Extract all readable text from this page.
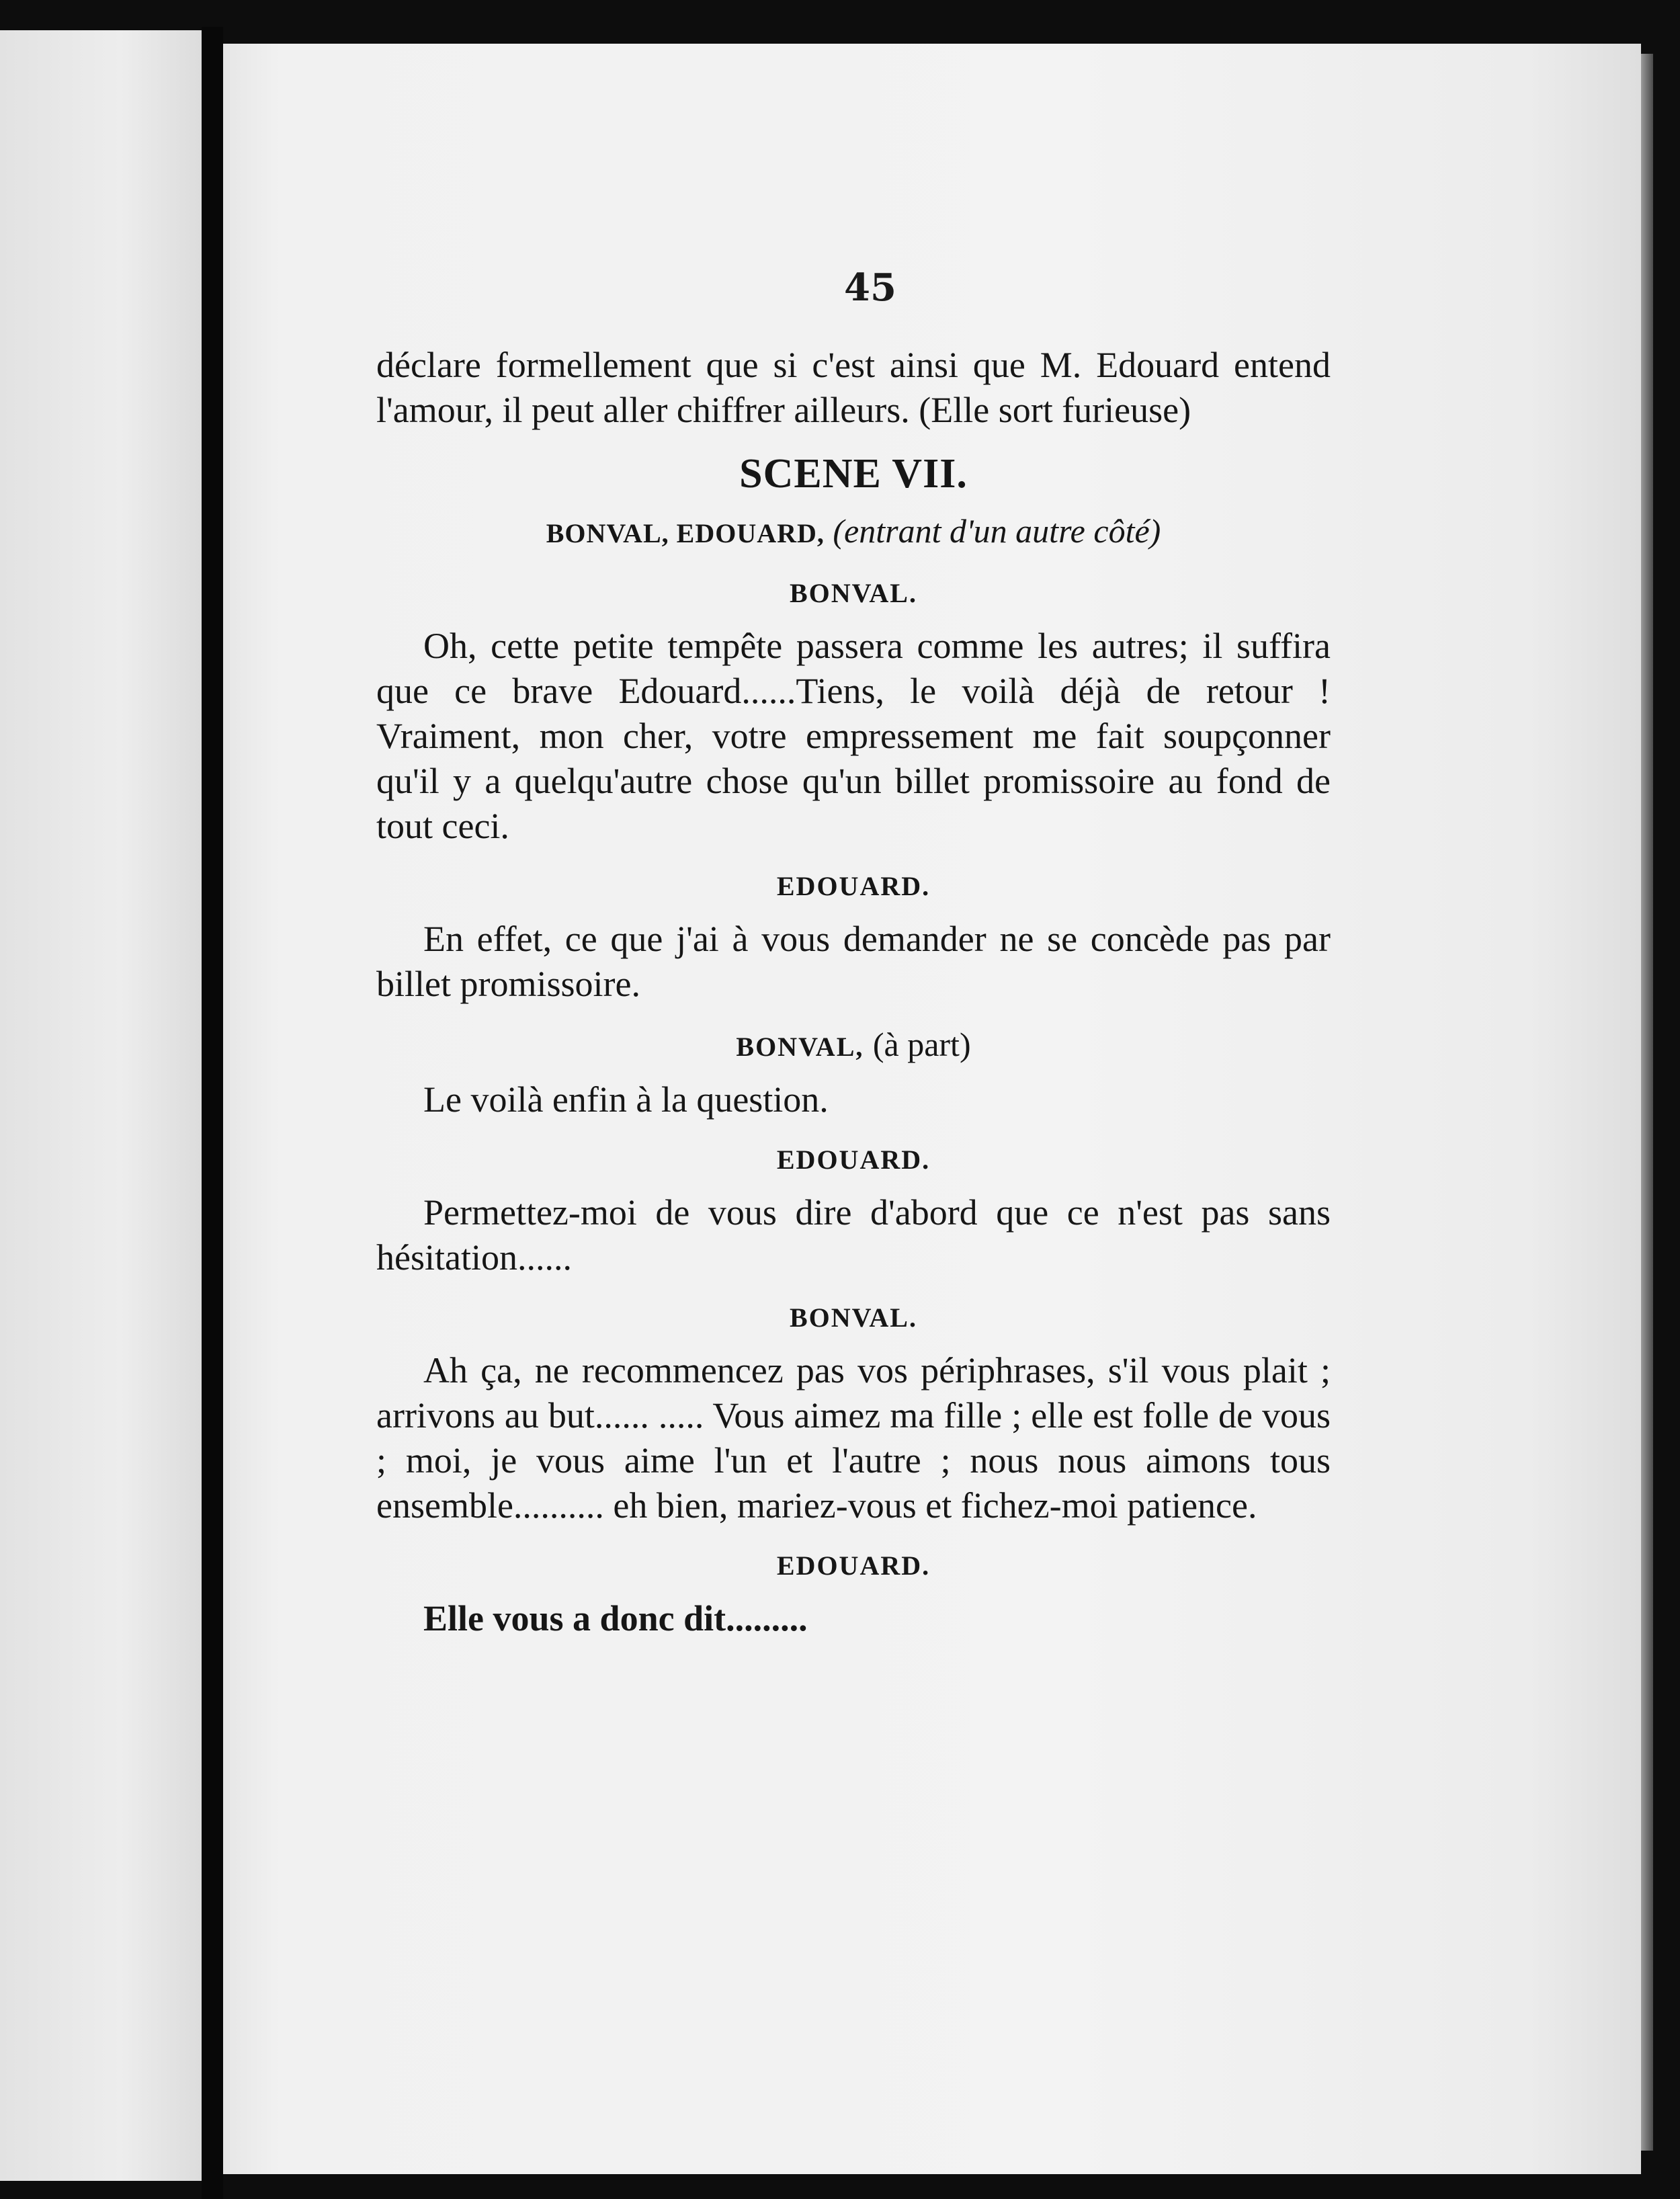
45

déclare formellement que si c'est ainsi que M. Edouard entend l'amour, il peut aller chiffrer ailleurs. (Elle sort furieuse)

SCENE VII.

BONVAL, EDOUARD, (entrant d'un autre côté)

BONVAL.

Oh, cette petite tempête passera comme les autres; il suffira que ce brave Edouard......Tiens, le voilà déjà de retour ! Vraiment, mon cher, votre empressement me fait soupçonner qu'il y a quelqu'autre chose qu'un billet promissoire au fond de tout ceci.

EDOUARD.

En effet, ce que j'ai à vous demander ne se concède pas par billet promissoire.

BONVAL, (à part)

Le voilà enfin à la question.

EDOUARD.

Permettez-moi de vous dire d'abord que ce n'est pas sans hésitation......

BONVAL.

Ah ça, ne recommencez pas vos périphrases, s'il vous plait ; arrivons au but...... ..... Vous aimez ma fille ; elle est folle de vous ; moi, je vous aime l'un et l'autre ; nous nous aimons tous ensemble.......... eh bien, mariez-vous et fichez-moi patience.

EDOUARD.

Elle vous a donc dit.........
